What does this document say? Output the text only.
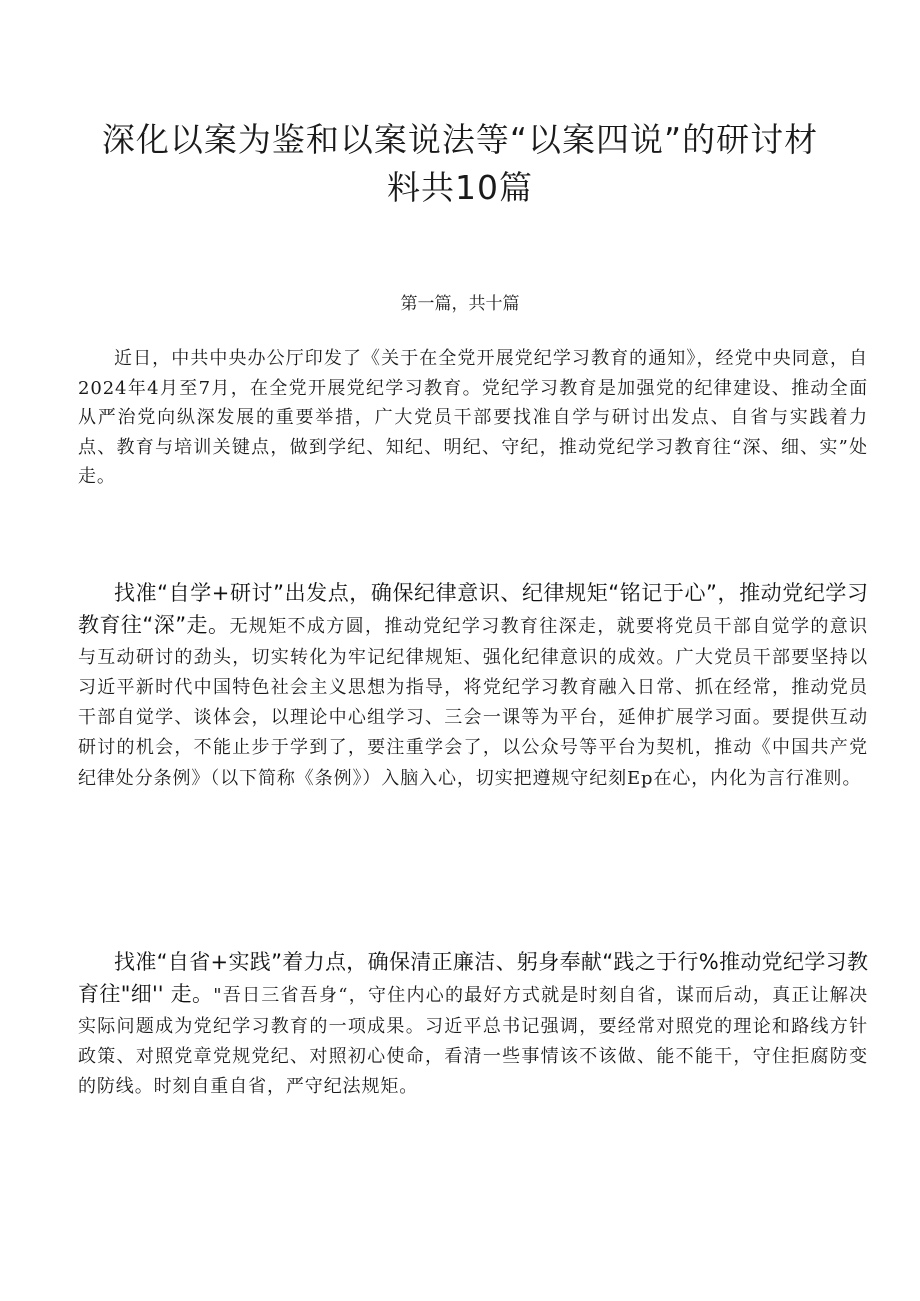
深化以案为鉴和以案说法等“以案四说”的研讨材
料共10篇

第一篇，共十篇

近日，中共中央办公厅印发了《关于在全党开展党纪学习教育的通知》，经党中央同意，自2024年4月至7月，在全党开展党纪学习教育。党纪学习教育是加强党的纪律建设、推动全面从严治党向纵深发展的重要举措，广大党员干部要找准自学与研讨出发点、自省与实践着力点、教育与培训关键点，做到学纪、知纪、明纪、守纪，推动党纪学习教育往“深、细、实”处走。

找准“自学+研讨”出发点，确保纪律意识、纪律规矩“铭记于心”，推动党纪学习教育往“深”走。无规矩不成方圆，推动党纪学习教育往深走，就要将党员干部自觉学的意识与互动研讨的劲头，切实转化为牢记纪律规矩、强化纪律意识的成效。广大党员干部要坚持以习近平新时代中国特色社会主义思想为指导，将党纪学习教育融入日常、抓在经常，推动党员干部自觉学、谈体会，以理论中心组学习、三会一课等为平台，延伸扩展学习面。要提供互动研讨的机会，不能止步于学到了，要注重学会了，以公众号等平台为契机，推动《中国共产党纪律处分条例》（以下简称《条例》）入脑入心，切实把遵规守纪刻Ep在心，内化为言行准则。

找准“自省+实践”着力点，确保清正廉洁、躬身奉献“践之于行%推动党纪学习教育往"细'' 走。"吾日三省吾身“，守住内心的最好方式就是时刻自省，谋而后动，真正让解决实际问题成为党纪学习教育的一项成果。习近平总书记强调，要经常对照党的理论和路线方针政策、对照党章党规党纪、对照初心使命，看清一些事情该不该做、能不能干，守住拒腐防变的防线。时刻自重自省，严守纪法规矩。
